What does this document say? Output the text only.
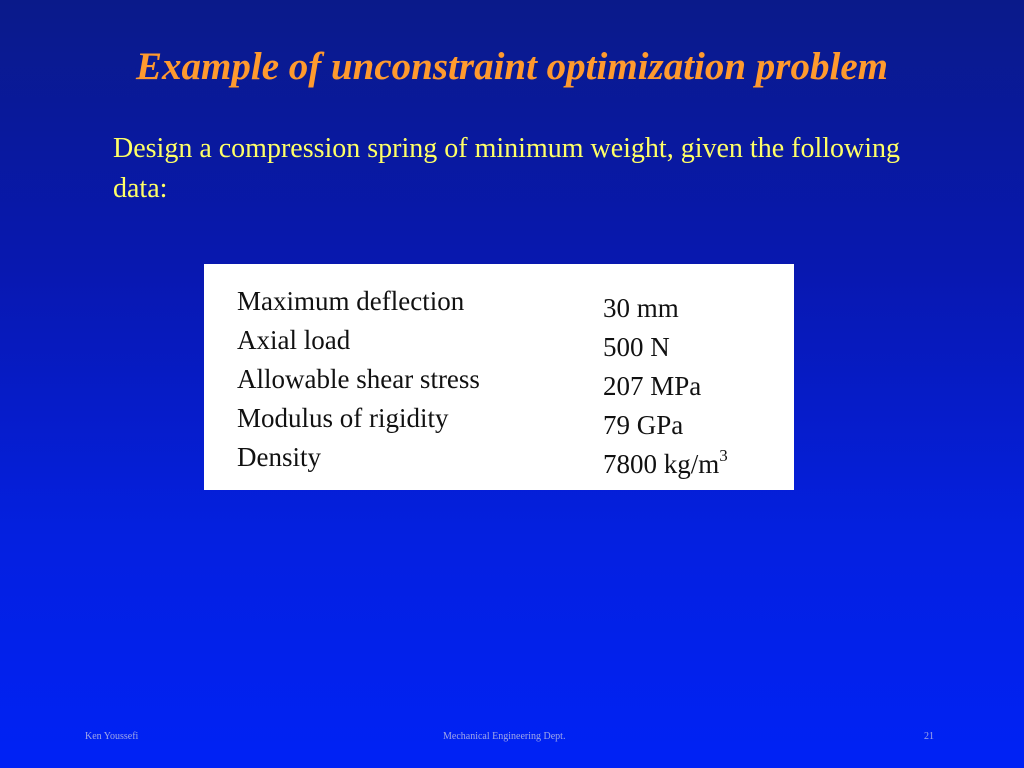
Example of unconstraint optimization problem
Design a compression spring of minimum weight, given the following data:
Maximum deflection	30 mm
Axial load	500 N
Allowable shear stress	207 MPa
Modulus of rigidity	79 GPa
Density	7800 $kg/m^3$
Ken Youssefi	Mechanical Engineering Dept.	21
